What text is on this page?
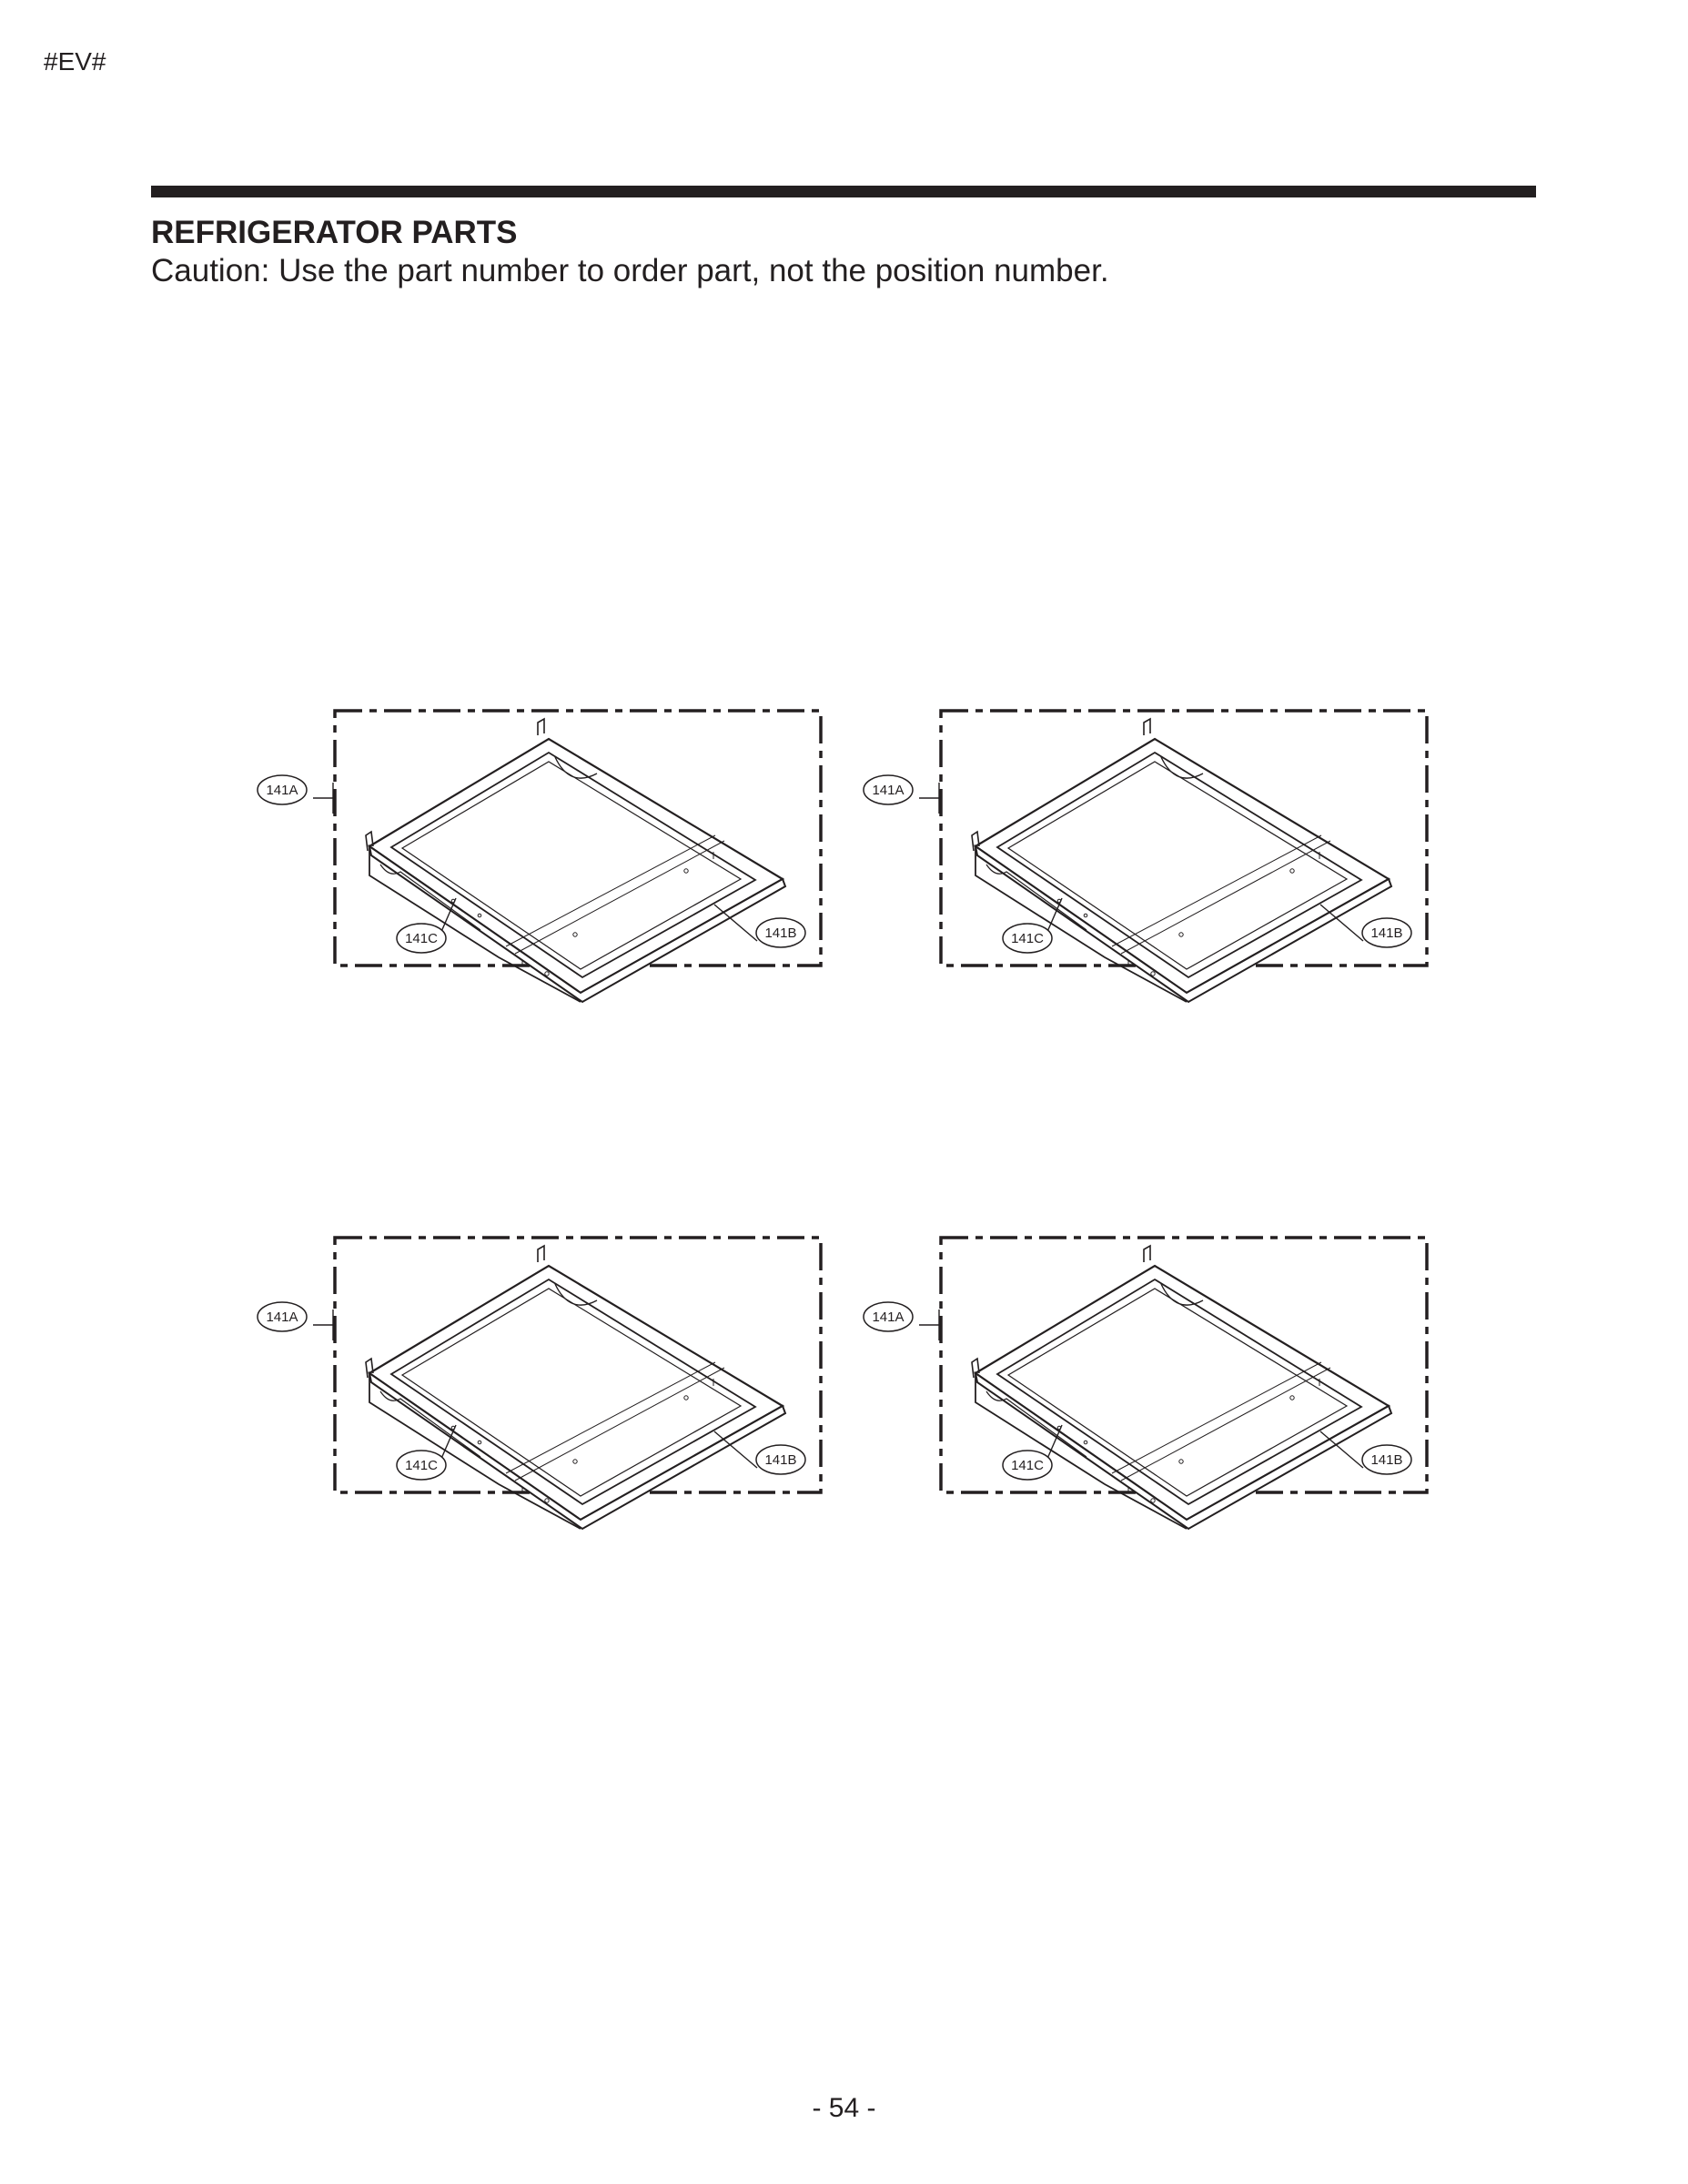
#EV#
REFRIGERATOR PARTS
Caution: Use the part number to order part, not the position number.
141A
141B
141C
141A
141B
141C
141A
141B
141C
141A
141B
141C
- 54 -
